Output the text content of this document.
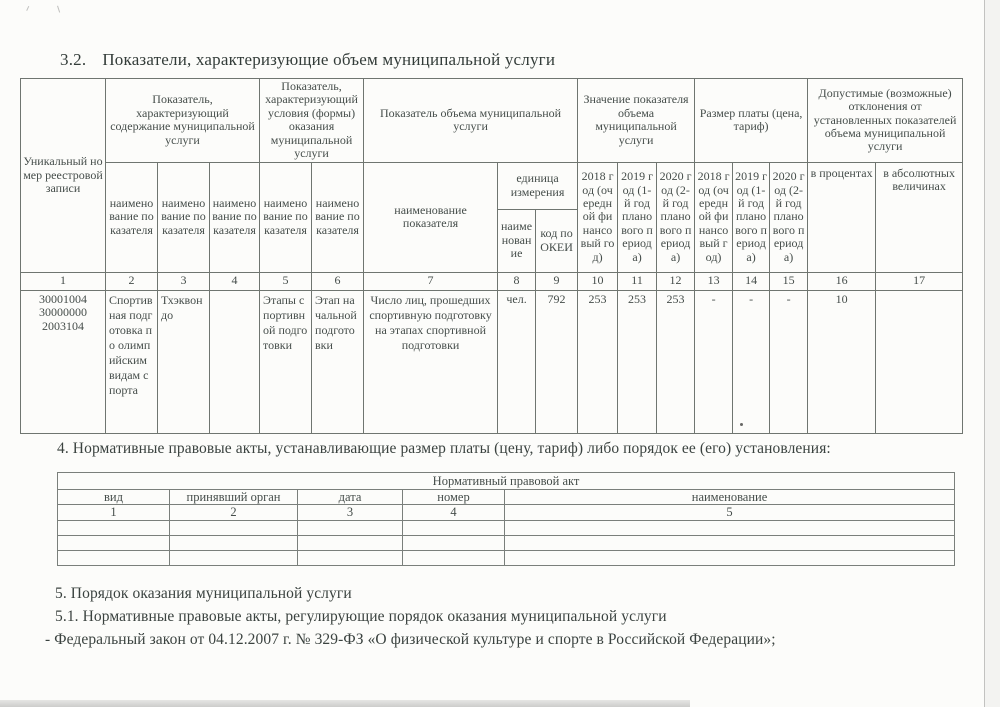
3.2. Показатели, характеризующие объем муниципальной услуги
Уникальный номер реестровой записи	Показатель, характеризующий содержание муниципальной услуги			Показатель, характеризующий условия (формы) оказания муниципальной услуги		Показатель объема муниципальной услуги			Значение показателя объема муниципальной услуги			Размер платы (цена, тариф)			Допустимые (возможные) отклонения от установленных показателей объема муниципальной услуги	
	наименование показателя	наименование показателя	наименование показателя	наименование показателя	наименование показателя	наименование показателя	единица измерения		2018 год (очередной финансовый год)	2019 год (1-й год планового периода)	2020 год (2-й год планового периода)	2018 год (очередной финансовый год)	2019 год (1-й год планового периода)	2020 год (2-й год планового периода)	в процентах	в абсолютных величинах
							наименование	код по ОКЕИ								
1	2	3	4	5	6	7	8	9	10	11	12	13	14	15	16	17
30001004 30000000 2003104	Спортивная подготовка по олимпийским видам спорта	Тхэквондо		Этапы спортивной подготовки	Этап начальной подготовки	Число лиц, прошедших спортивную подготовку на этапах спортивной подготовки	чел.	792	253	253	253	-	-	-	10	
4. Нормативные правовые акты, устанавливающие размер платы (цену, тариф) либо порядок ее (его) установления:
Нормативный правовой акт				
вид	принявший орган	дата	номер	наименование
1	2	3	4	5

5. Порядок оказания муниципальной услуги
5.1. Нормативные правовые акты, регулирующие порядок оказания муниципальной услуги
- Федеральный закон от 04.12.2007 г. № 329-ФЗ «О физической культуре и спорте в Российской Федерации»;
